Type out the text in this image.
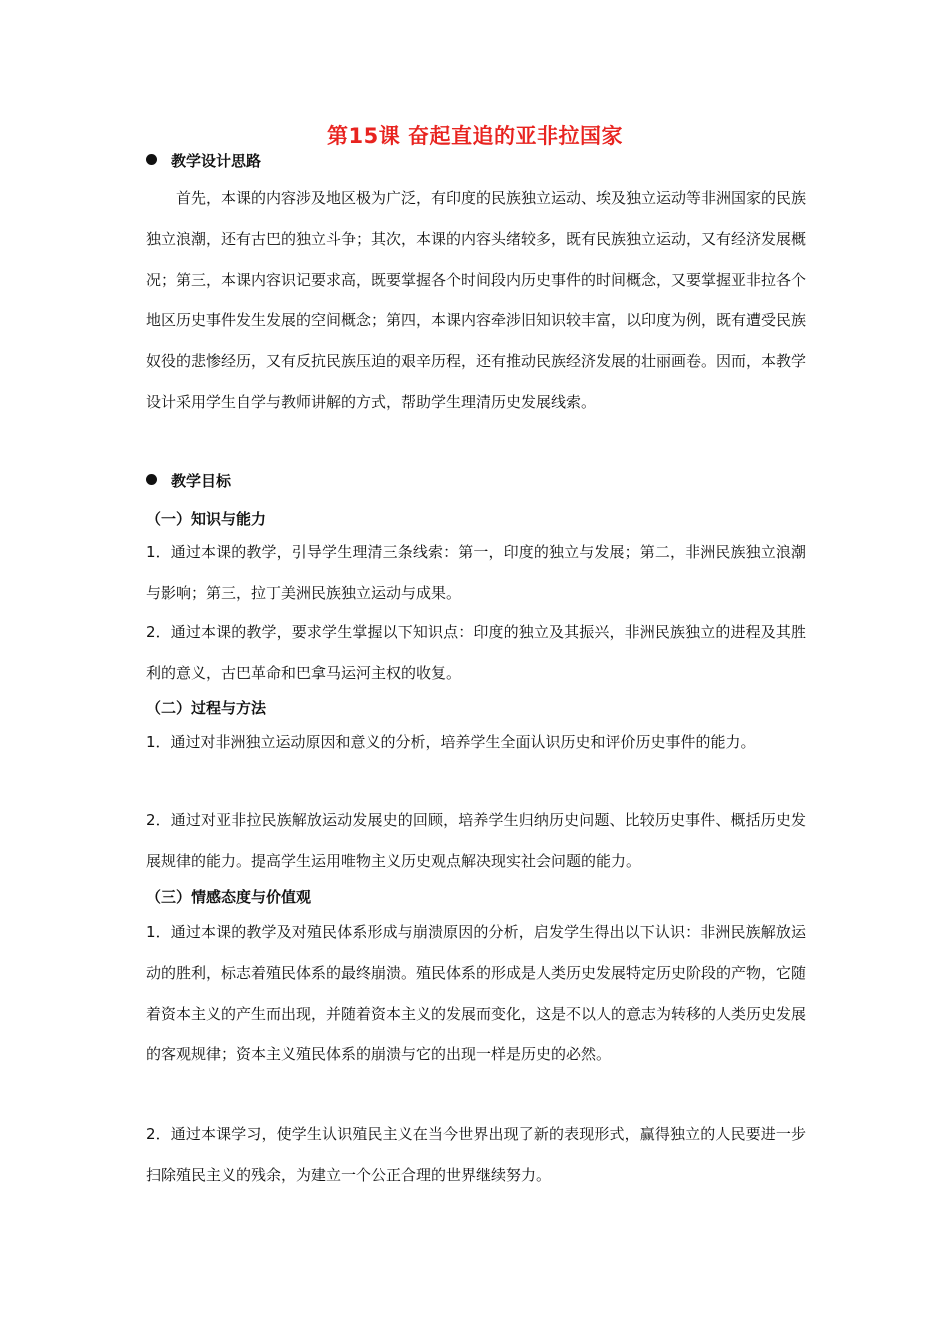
第15课 奋起直追的亚非拉国家
教学设计思路
首先，本课的内容涉及地区极为广泛，有印度的民族独立运动、埃及独立运动等非洲国家的民族独立浪潮，还有古巴的独立斗争；其次，本课的内容头绪较多，既有民族独立运动，又有经济发展概况；第三，本课内容识记要求高，既要掌握各个时间段内历史事件的时间概念，又要掌握亚非拉各个地区历史事件发生发展的空间概念；第四，本课内容牵涉旧知识较丰富，以印度为例，既有遭受民族奴役的悲惨经历，又有反抗民族压迫的艰辛历程，还有推动民族经济发展的壮丽画卷。因而，本教学设计采用学生自学与教师讲解的方式，帮助学生理清历史发展线索。
教学目标
（一）知识与能力
1．通过本课的教学，引导学生理清三条线索：第一，印度的独立与发展；第二，非洲民族独立浪潮与影响；第三，拉丁美洲民族独立运动与成果。
2．通过本课的教学，要求学生掌握以下知识点：印度的独立及其振兴，非洲民族独立的进程及其胜利的意义，古巴革命和巴拿马运河主权的收复。
（二）过程与方法
1．通过对非洲独立运动原因和意义的分析，培养学生全面认识历史和评价历史事件的能力。
2．通过对亚非拉民族解放运动发展史的回顾，培养学生归纳历史问题、比较历史事件、概括历史发展规律的能力。提高学生运用唯物主义历史观点解决现实社会问题的能力。
（三）情感态度与价值观
1．通过本课的教学及对殖民体系形成与崩溃原因的分析，启发学生得出以下认识：非洲民族解放运动的胜利，标志着殖民体系的最终崩溃。殖民体系的形成是人类历史发展特定历史阶段的产物，它随着资本主义的产生而出现，并随着资本主义的发展而变化，这是不以人的意志为转移的人类历史发展的客观规律；资本主义殖民体系的崩溃与它的出现一样是历史的必然。
2．通过本课学习，使学生认识殖民主义在当今世界出现了新的表现形式，赢得独立的人民要进一步扫除殖民主义的残余，为建立一个公正合理的世界继续努力。
